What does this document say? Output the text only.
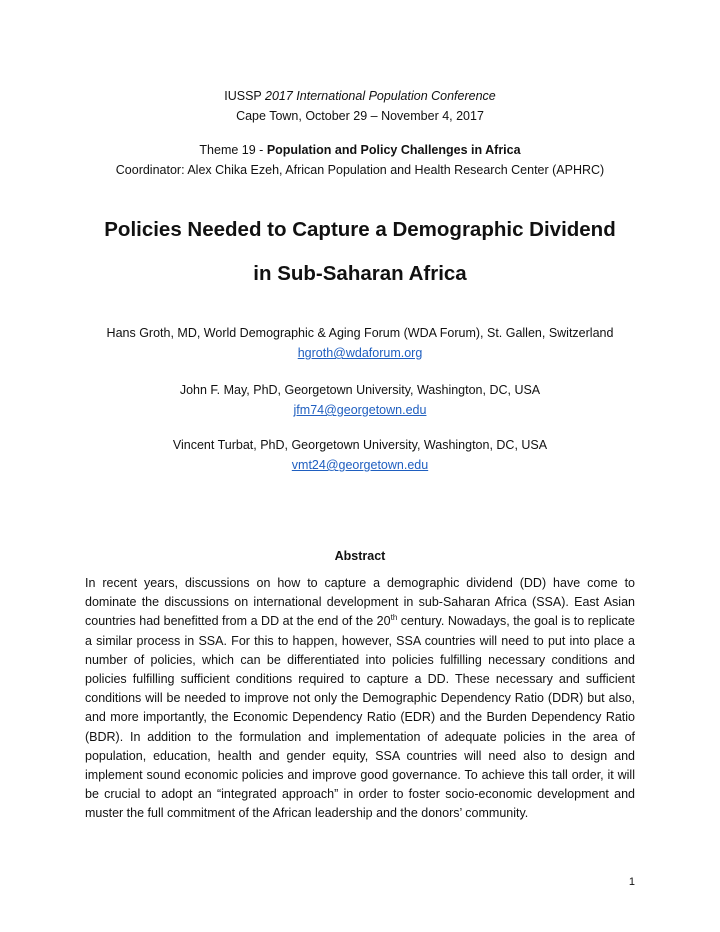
IUSSP 2017 International Population Conference
Cape Town, October 29 – November 4, 2017
Theme 19 - Population and Policy Challenges in Africa
Coordinator: Alex Chika Ezeh, African Population and Health Research Center (APHRC)
Policies Needed to Capture a Demographic Dividend
in Sub-Saharan Africa
Hans Groth, MD, World Demographic & Aging Forum (WDA Forum), St. Gallen, Switzerland
hgroth@wdaforum.org
John F. May, PhD, Georgetown University, Washington, DC, USA
jfm74@georgetown.edu
Vincent Turbat, PhD, Georgetown University, Washington, DC, USA
vmt24@georgetown.edu
Abstract

In recent years, discussions on how to capture a demographic dividend (DD) have come to dominate the discussions on international development in sub-Saharan Africa (SSA). East Asian countries had benefitted from a DD at the end of the 20th century. Nowadays, the goal is to replicate a similar process in SSA. For this to happen, however, SSA countries will need to put into place a number of policies, which can be differentiated into policies fulfilling necessary conditions and policies fulfilling sufficient conditions required to capture a DD. These necessary and sufficient conditions will be needed to improve not only the Demographic Dependency Ratio (DDR) but also, and more importantly, the Economic Dependency Ratio (EDR) and the Burden Dependency Ratio (BDR). In addition to the formulation and implementation of adequate policies in the area of population, education, health and gender equity, SSA countries will need also to design and implement sound economic policies and improve good governance. To achieve this tall order, it will be crucial to adopt an “integrated approach” in order to foster socio-economic development and muster the full commitment of the African leadership and the donors’ community.

1
